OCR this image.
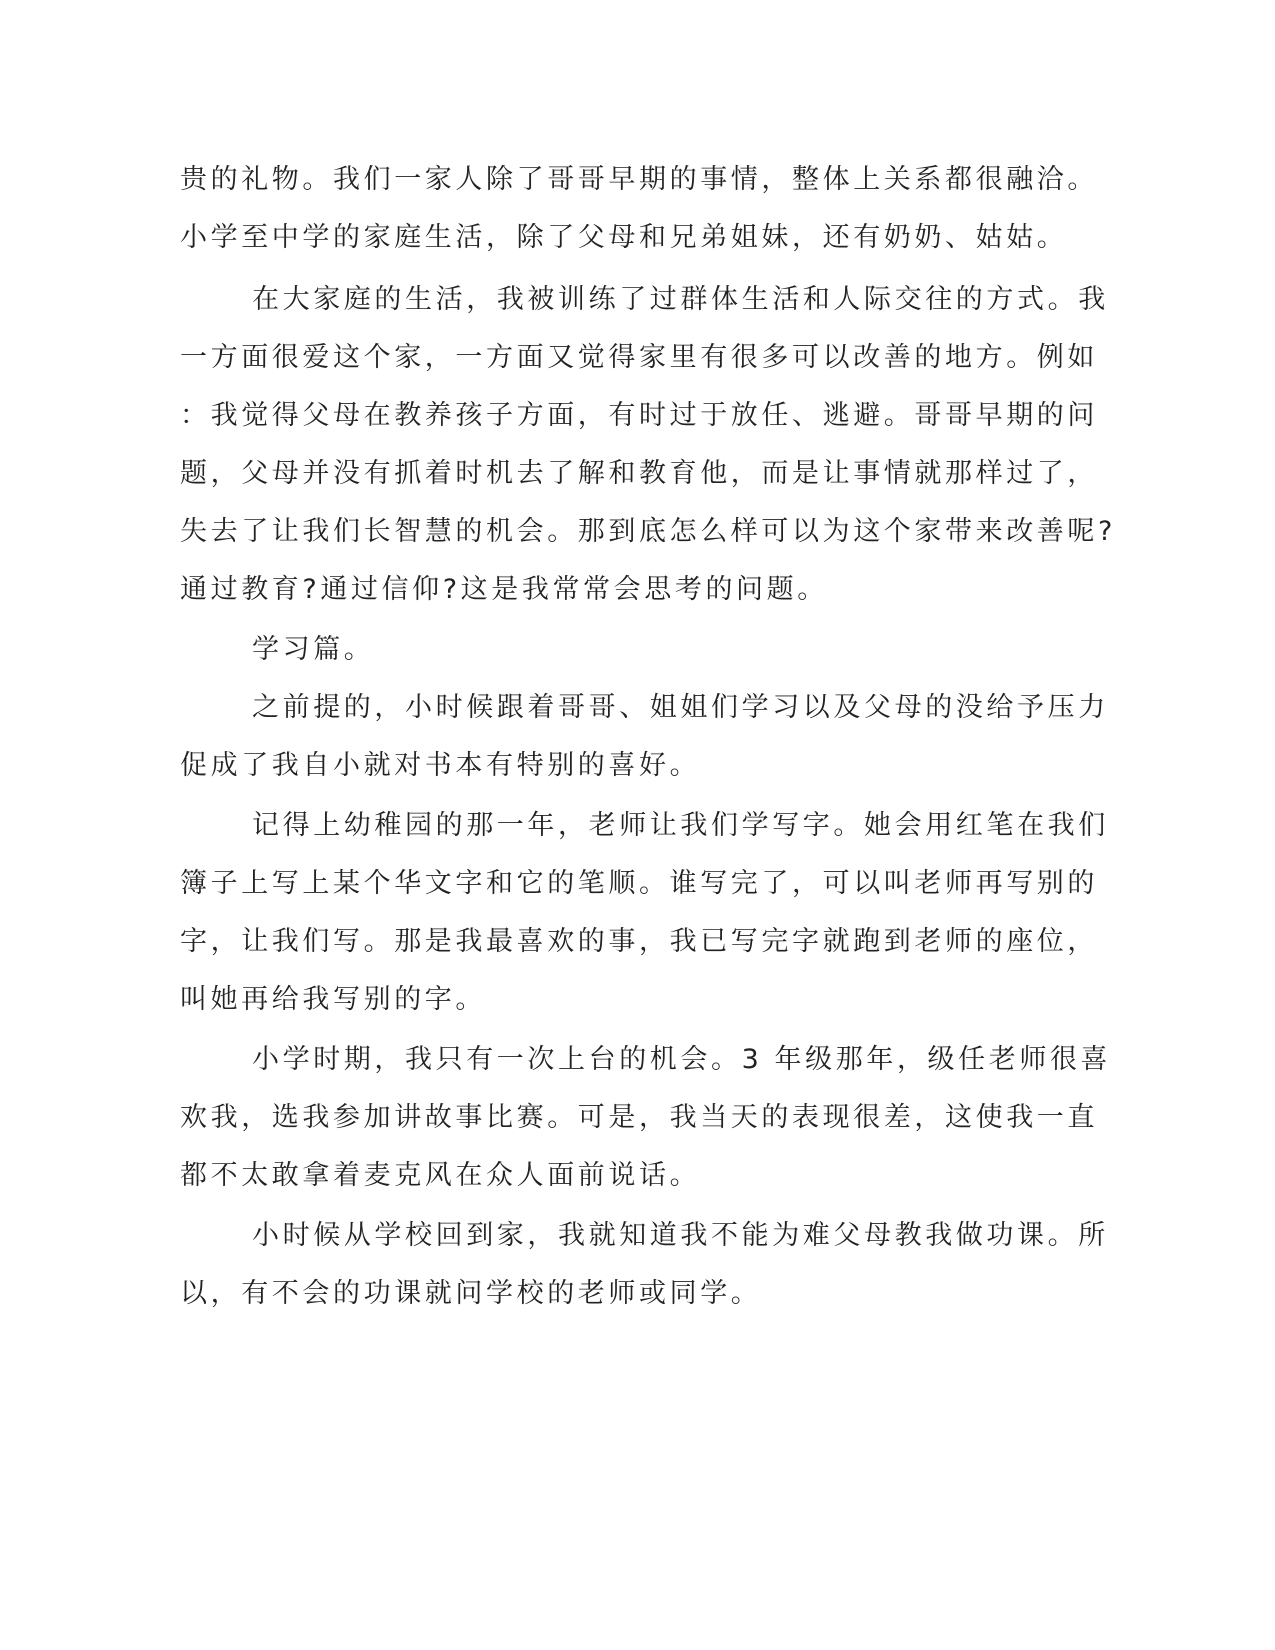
贵的礼物。我们一家人除了哥哥早期的事情，整体上关系都很融洽。
小学至中学的家庭生活，除了父母和兄弟姐妹，还有奶奶、姑姑。
在大家庭的生活，我被训练了过群体生活和人际交往的方式。我
一方面很爱这个家，一方面又觉得家里有很多可以改善的地方。例如
：我觉得父母在教养孩子方面，有时过于放任、逃避。哥哥早期的问
题，父母并没有抓着时机去了解和教育他，而是让事情就那样过了，
失去了让我们长智慧的机会。那到底怎么样可以为这个家带来改善呢?
通过教育?通过信仰?这是我常常会思考的问题。
学习篇。
之前提的，小时候跟着哥哥、姐姐们学习以及父母的没给予压力
促成了我自小就对书本有特别的喜好。
记得上幼稚园的那一年，老师让我们学写字。她会用红笔在我们
簿子上写上某个华文字和它的笔顺。谁写完了，可以叫老师再写别的
字，让我们写。那是我最喜欢的事，我已写完字就跑到老师的座位，
叫她再给我写别的字。
小学时期，我只有一次上台的机会。3 年级那年，级任老师很喜
欢我，选我参加讲故事比赛。可是，我当天的表现很差，这使我一直
都不太敢拿着麦克风在众人面前说话。
小时候从学校回到家，我就知道我不能为难父母教我做功课。所
以，有不会的功课就问学校的老师或同学。
